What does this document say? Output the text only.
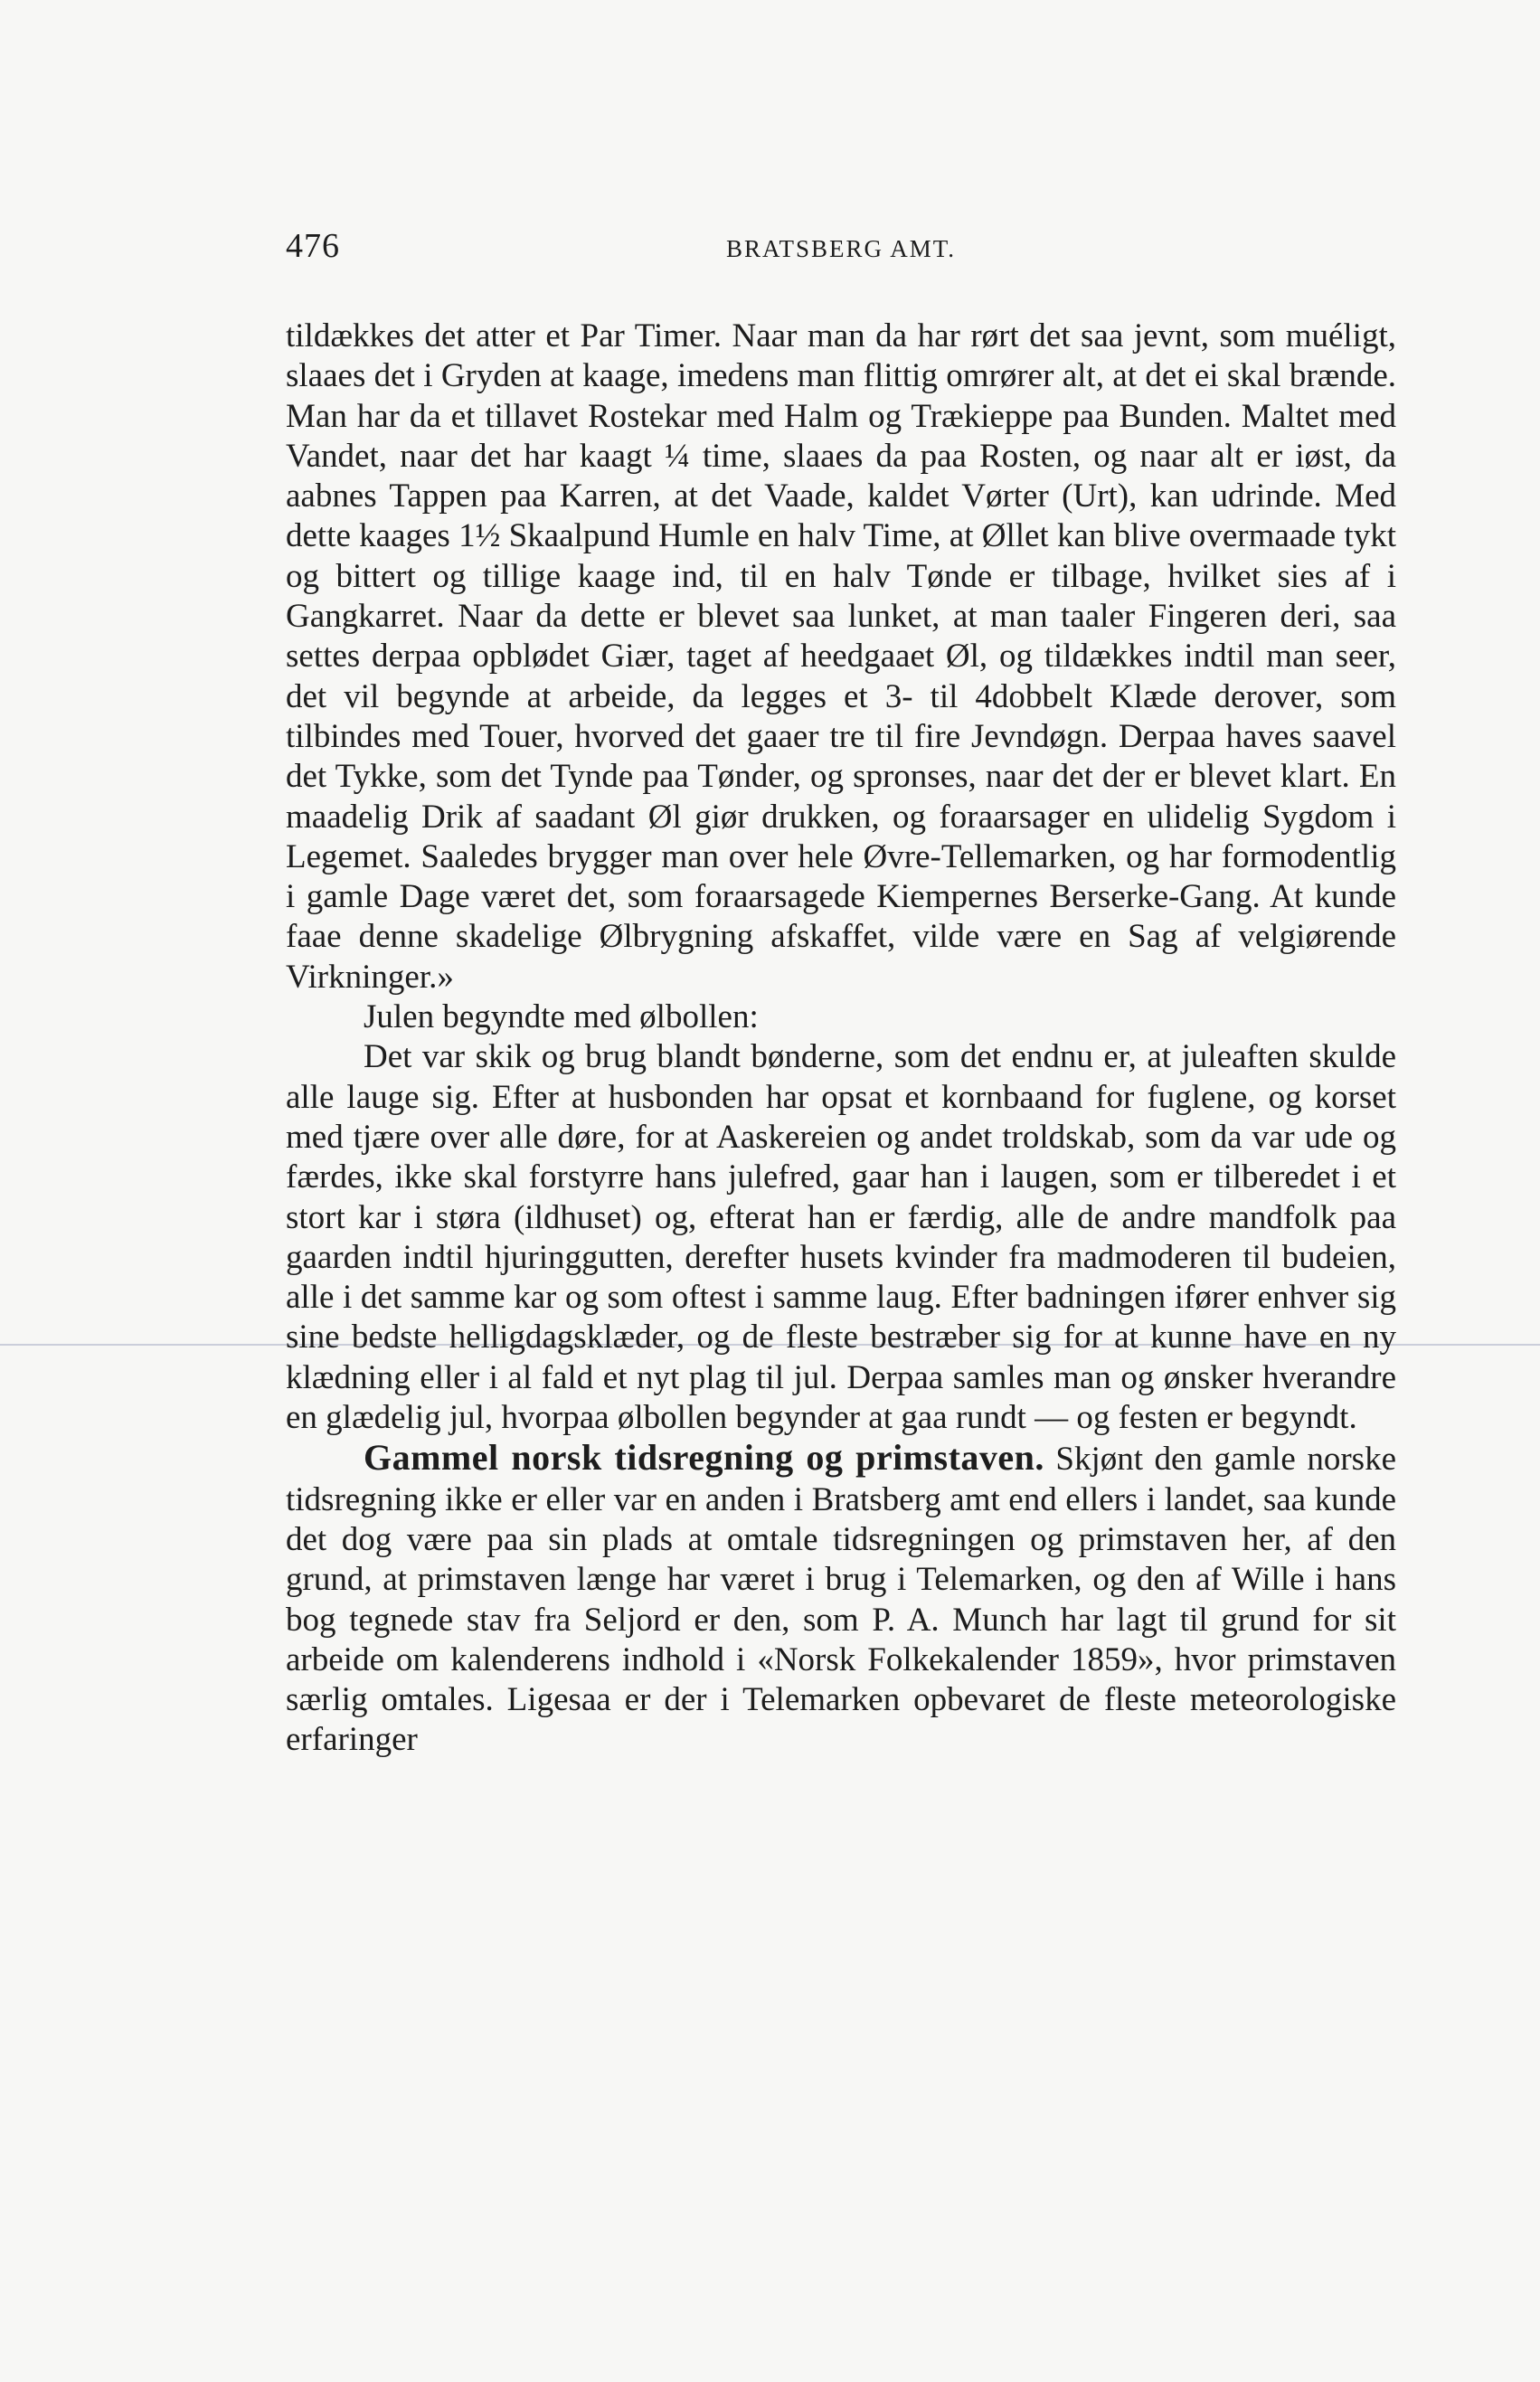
476	BRATSBERG AMT.

tildækkes det atter et Par Timer. Naar man da har rørt det saa jevnt, som muéligt, slaaes det i Gryden at kaage, imedens man flittig omrører alt, at det ei skal brænde. Man har da et tillavet Rostekar med Halm og Trækieppe paa Bunden. Maltet med Vandet, naar det har kaagt ¼ time, slaaes da paa Rosten, og naar alt er iøst, da aabnes Tappen paa Karren, at det Vaade, kaldet Vørter (Urt), kan udrinde. Med dette kaages 1½ Skaalpund Humle en halv Time, at Øllet kan blive overmaade tykt og bittert og tillige kaage ind, til en halv Tønde er tilbage, hvilket sies af i Gangkarret. Naar da dette er blevet saa lunket, at man taaler Fingeren deri, saa settes derpaa opblødet Giær, taget af heedgaaet Øl, og tildækkes indtil man seer, det vil begynde at arbeide, da legges et 3- til 4dobbelt Klæde derover, som tilbindes med Touer, hvorved det gaaer tre til fire Jevndøgn. Derpaa haves saavel det Tykke, som det Tynde paa Tønder, og spronses, naar det der er blevet klart. En maadelig Drik af saadant Øl giør drukken, og foraarsager en ulidelig Sygdom i Legemet. Saaledes brygger man over hele Øvre-Tellemarken, og har formodentlig i gamle Dage været det, som foraarsagede Kiempernes Berserke-Gang. At kunde faae denne skadelige Ølbrygning afskaffet, vilde være en Sag af velgiørende Virkninger.»

Julen begyndte med ølbollen:

Det var skik og brug blandt bønderne, som det endnu er, at juleaften skulde alle lauge sig. Efter at husbonden har opsat et kornbaand for fuglene, og korset med tjære over alle døre, for at Aaskereien og andet troldskab, som da var ude og færdes, ikke skal forstyrre hans julefred, gaar han i laugen, som er tilberedet i et stort kar i støra (ildhuset) og, efterat han er færdig, alle de andre mandfolk paa gaarden indtil hjuringgutten, derefter husets kvinder fra madmoderen til budeien, alle i det samme kar og som oftest i samme laug. Efter badningen ifører enhver sig sine bedste helligdagsklæder, og de fleste bestræber sig for at kunne have en ny klædning eller i al fald et nyt plag til jul. Derpaa samles man og ønsker hverandre en glædelig jul, hvorpaa ølbollen begynder at gaa rundt — og festen er begyndt.

Gammel norsk tidsregning og primstaven. Skjønt den gamle norske tidsregning ikke er eller var en anden i Bratsberg amt end ellers i landet, saa kunde det dog være paa sin plads at omtale tidsregningen og primstaven her, af den grund, at primstaven længe har været i brug i Telemarken, og den af Wille i hans bog tegnede stav fra Seljord er den, som P. A. Munch har lagt til grund for sit arbeide om kalenderens indhold i «Norsk Folkekalender 1859», hvor primstaven særlig omtales. Ligesaa er der i Telemarken opbevaret de fleste meteorologiske erfaringer
